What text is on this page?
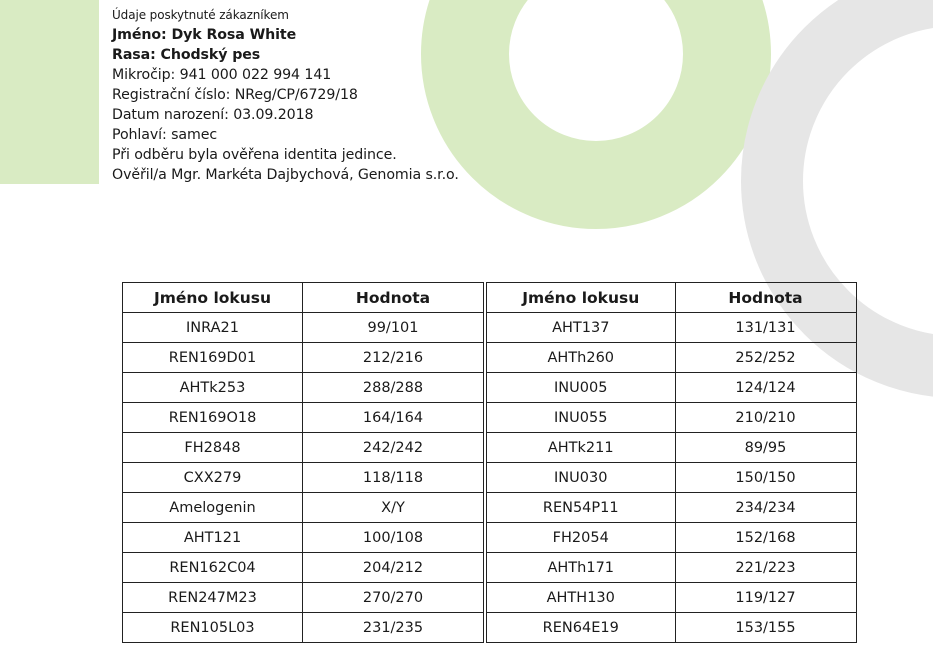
Údaje poskytnuté zákazníkem
Jméno: Dyk Rosa White
Rasa: Chodský pes
Mikročip: 941 000 022 994 141
Registrační číslo: NReg/CP/6729/18
Datum narození: 03.09.2018
Pohlaví: samec
Při odběru byla ověřena identita jedince.
Ověřil/a Mgr. Markéta Dajbychová, Genomia s.r.o.
Jméno lokusu	Hodnota
INRA21	99/101
REN169D01	212/216
AHTk253	288/288
REN169O18	164/164
FH2848	242/242
CXX279	118/118
Amelogenin	X/Y
AHT121	100/108
REN162C04	204/212
REN247M23	270/270
REN105L03	231/235
Jméno lokusu	Hodnota
AHT137	131/131
AHTh260	252/252
INU005	124/124
INU055	210/210
AHTk211	89/95
INU030	150/150
REN54P11	234/234
FH2054	152/168
AHTh171	221/223
AHTH130	119/127
REN64E19	153/155
